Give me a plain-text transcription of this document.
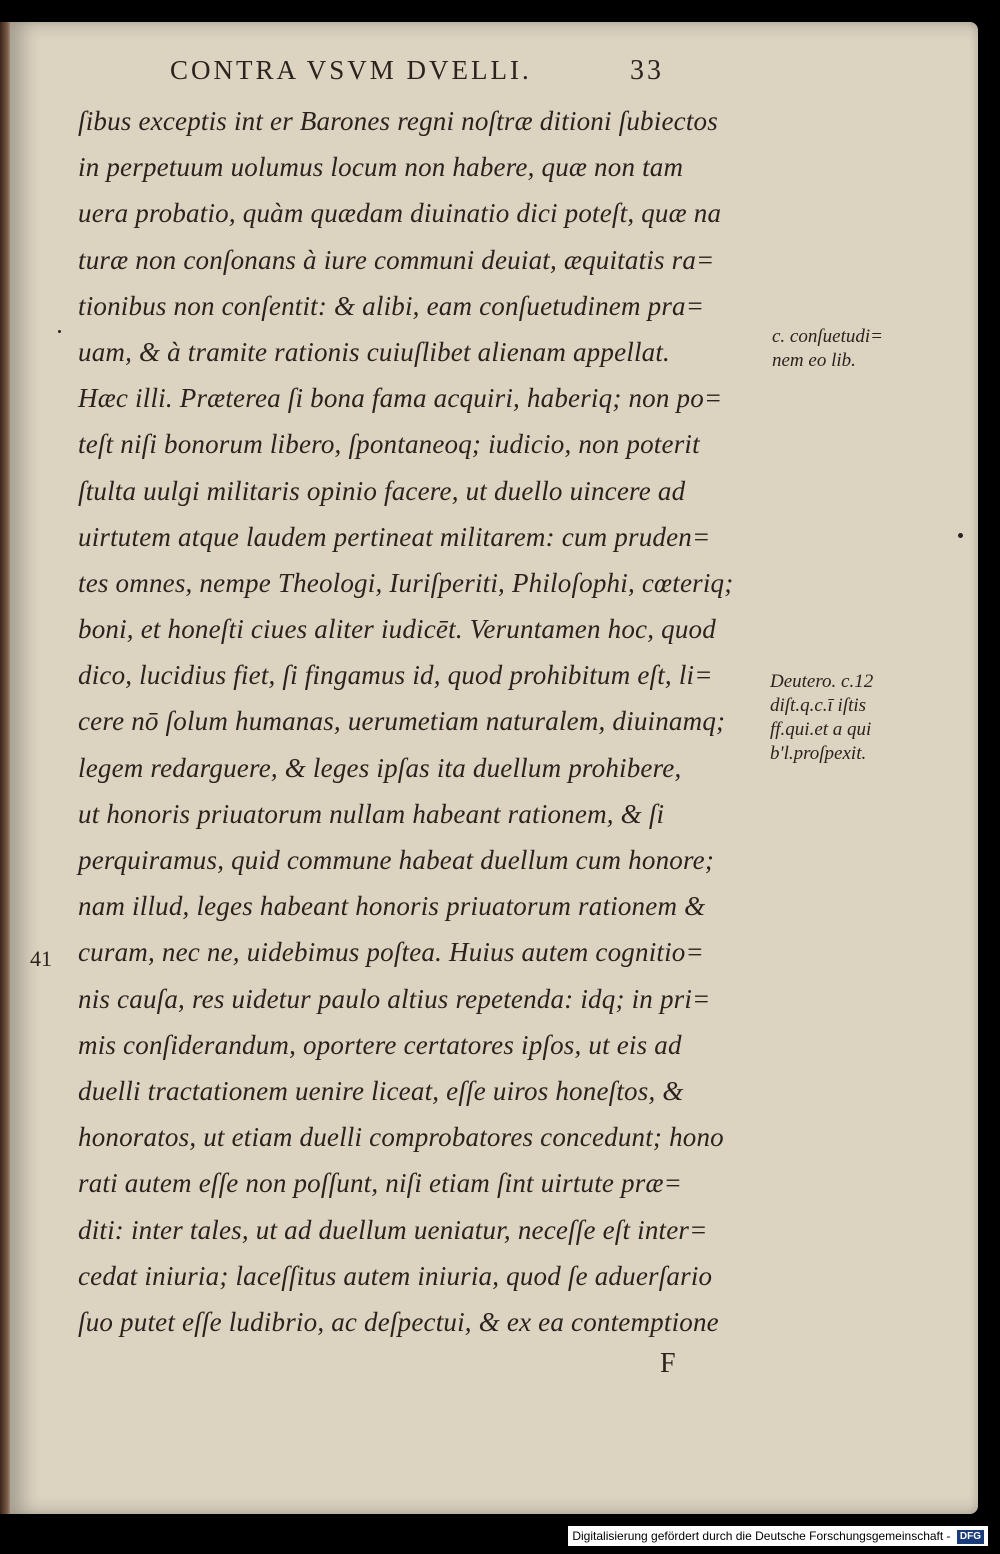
CONTRA VSVM DVELLI.	33
ſibus exceptis int er Barones regni noſtræ ditioni ſubiectos
in perpetuum uolumus locum non habere, quæ non tam
uera probatio, quàm quædam diuinatio dici poteſt, quæ na
turæ non conſonans à iure communi deuiat, æquitatis ra=
tionibus non conſentit: & alibi, eam conſuetudinem pra=
uam, & à tramite rationis cuiuſlibet alienam appellat.
Hæc illi. Præterea ſi bona fama acquiri, haberiq; non po=
teſt niſi bonorum libero, ſpontaneoq; iudicio, non poterit
ſtulta uulgi militaris opinio facere, ut duello uincere ad
uirtutem atque laudem pertineat militarem: cum pruden=
tes omnes, nempe Theologi, Iuriſperiti, Philoſophi, cœteriq;
boni, et honeſti ciues aliter iudicēt. Veruntamen hoc, quod
dico, lucidius fiet, ſi fingamus id, quod prohibitum eſt, li=
cere nō ſolum humanas, uerumetiam naturalem, diuinamq;
legem redarguere, & leges ipſas ita duellum prohibere,
ut honoris priuatorum nullam habeant rationem, & ſi
perquiramus, quid commune habeat duellum cum honore;
nam illud, leges habeant honoris priuatorum rationem &
curam, nec ne, uidebimus poſtea. Huius autem cognitio=
nis cauſa, res uidetur paulo altius repetenda: idq; in pri=
mis conſiderandum, oportere certatores ipſos, ut eis ad
duelli tractationem uenire liceat, eſſe uiros honeſtos, &
honoratos, ut etiam duelli comprobatores concedunt; hono
rati autem eſſe non poſſunt, niſi etiam ſint uirtute præ=
diti: inter tales, ut ad duellum ueniatur, neceſſe eſt inter=
cedat iniuria; laceſſitus autem iniuria, quod ſe aduerſario
ſuo putet eſſe ludibrio, ac deſpectui, & ex ea contemptione
c. conſuetudi=
nem eo lib.
Deutero. c.12
diſt.q.c.ī iſtis
ff.qui.et a qui
b'l.proſpexit.
41
F
Digitalisierung gefördert durch die Deutsche Forschungsgemeinschaft - DFG
